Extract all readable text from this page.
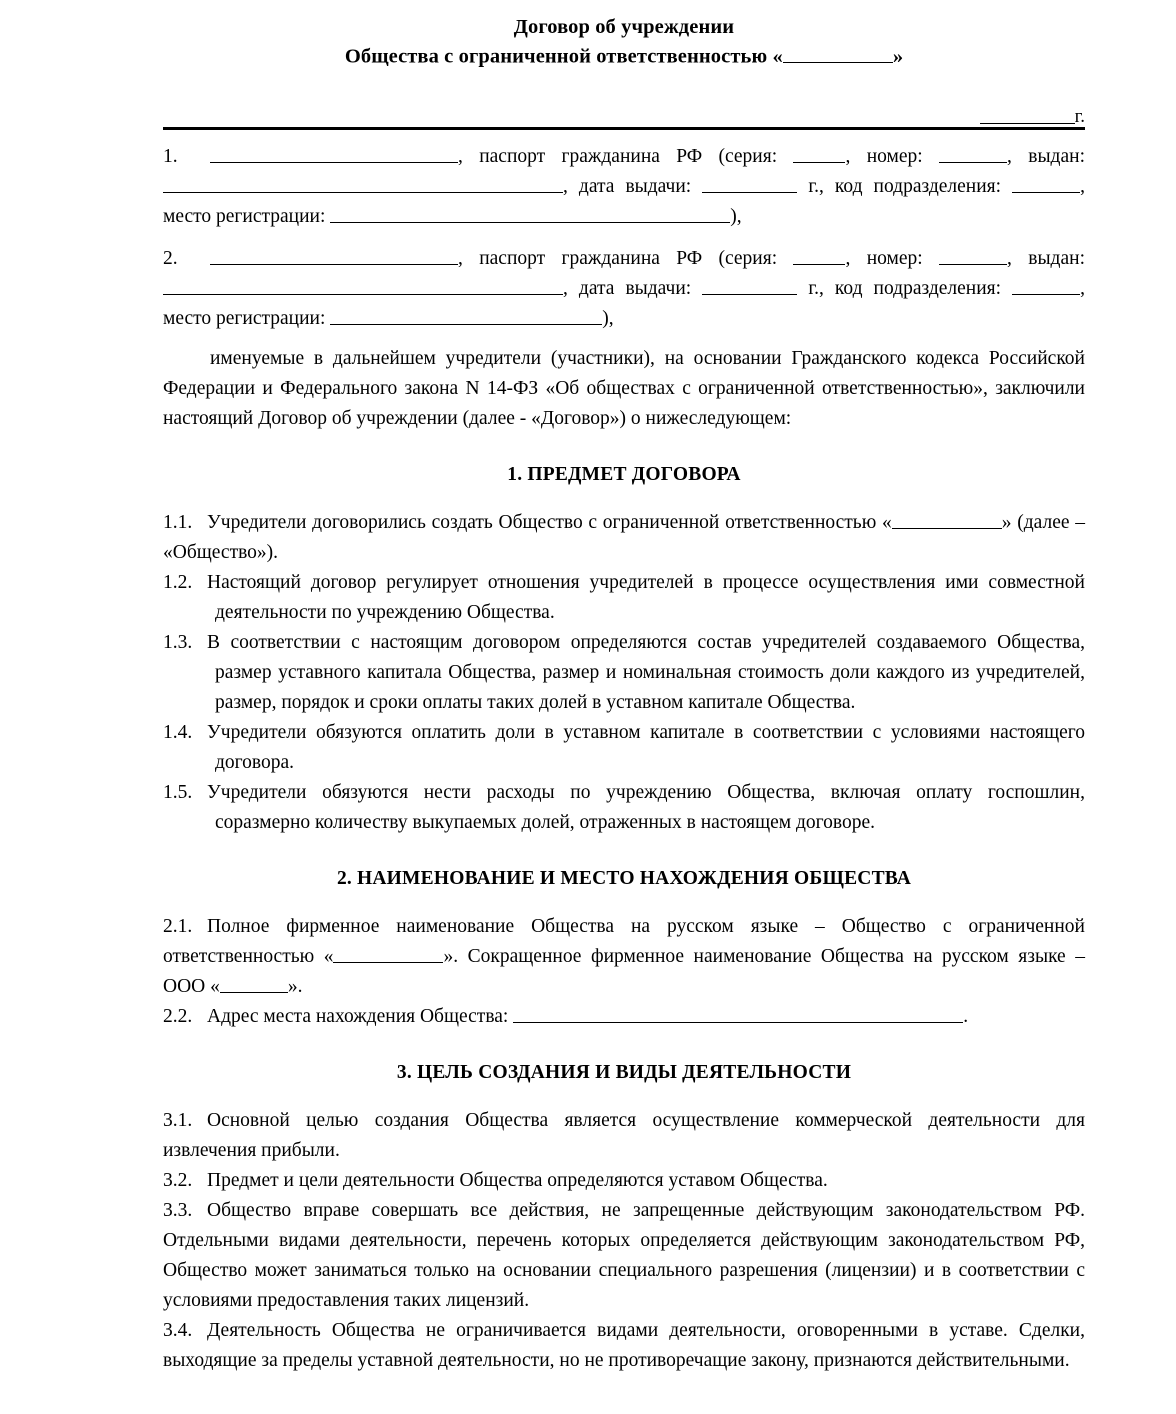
Договор об учреждении
Общества с ограниченной ответственностью «	»
г.

1.	, паспорт гражданина РФ (серия:	, номер:	, выдан: , дата выдачи:	г., код подразделения:	, место регистрации:	),

2.	, паспорт гражданина РФ (серия:	, номер:	, выдан: , дата выдачи:	г., код подразделения:	, место регистрации:	),

именуемые в дальнейшем учредители (участники), на основании Гражданского кодекса Российской Федерации и Федерального закона N 14-ФЗ «Об обществах с ограниченной ответственностью», заключили настоящий Договор об учреждении (далее - «Договор») о нижеследующем:

1. ПРЕДМЕТ ДОГОВОРА

1.1. Учредители договорились создать Общество с ограниченной ответственностью «	» (далее – «Общество»).

1.2. Настоящий договор регулирует отношения учредителей в процессе осуществления ими совместной деятельности по учреждению Общества.

1.3. В соответствии с настоящим договором определяются состав учредителей создаваемого Общества, размер уставного капитала Общества, размер и номинальная стоимость доли каждого из учредителей, размер, порядок и сроки оплаты таких долей в уставном капитале Общества.

1.4. Учредители обязуются оплатить доли в уставном капитале в соответствии с условиями настоящего договора.

1.5. Учредители обязуются нести расходы по учреждению Общества, включая оплату госпошлин, соразмерно количеству выкупаемых долей, отраженных в настоящем договоре.

2. НАИМЕНОВАНИЕ И МЕСТО НАХОЖДЕНИЯ ОБЩЕСТВА

2.1. Полное фирменное наименование Общества на русском языке – Общество с ограниченной ответственностью «	». Сокращенное фирменное наименование Общества на русском языке – ООО «	».

2.2. Адрес места нахождения Общества:	.

3. ЦЕЛЬ СОЗДАНИЯ И ВИДЫ ДЕЯТЕЛЬНОСТИ

3.1. Основной целью создания Общества является осуществление коммерческой деятельности для извлечения прибыли.

3.2. Предмет и цели деятельности Общества определяются уставом Общества.

3.3. Общество вправе совершать все действия, не запрещенные действующим законодательством РФ. Отдельными видами деятельности, перечень которых определяется действующим законодательством РФ, Общество может заниматься только на основании специального разрешения (лицензии) и в соответствии с условиями предоставления таких лицензий.

3.4. Деятельность Общества не ограничивается видами деятельности, оговоренными в уставе. Сделки, выходящие за пределы уставной деятельности, но не противоречащие закону, признаются действительными.
